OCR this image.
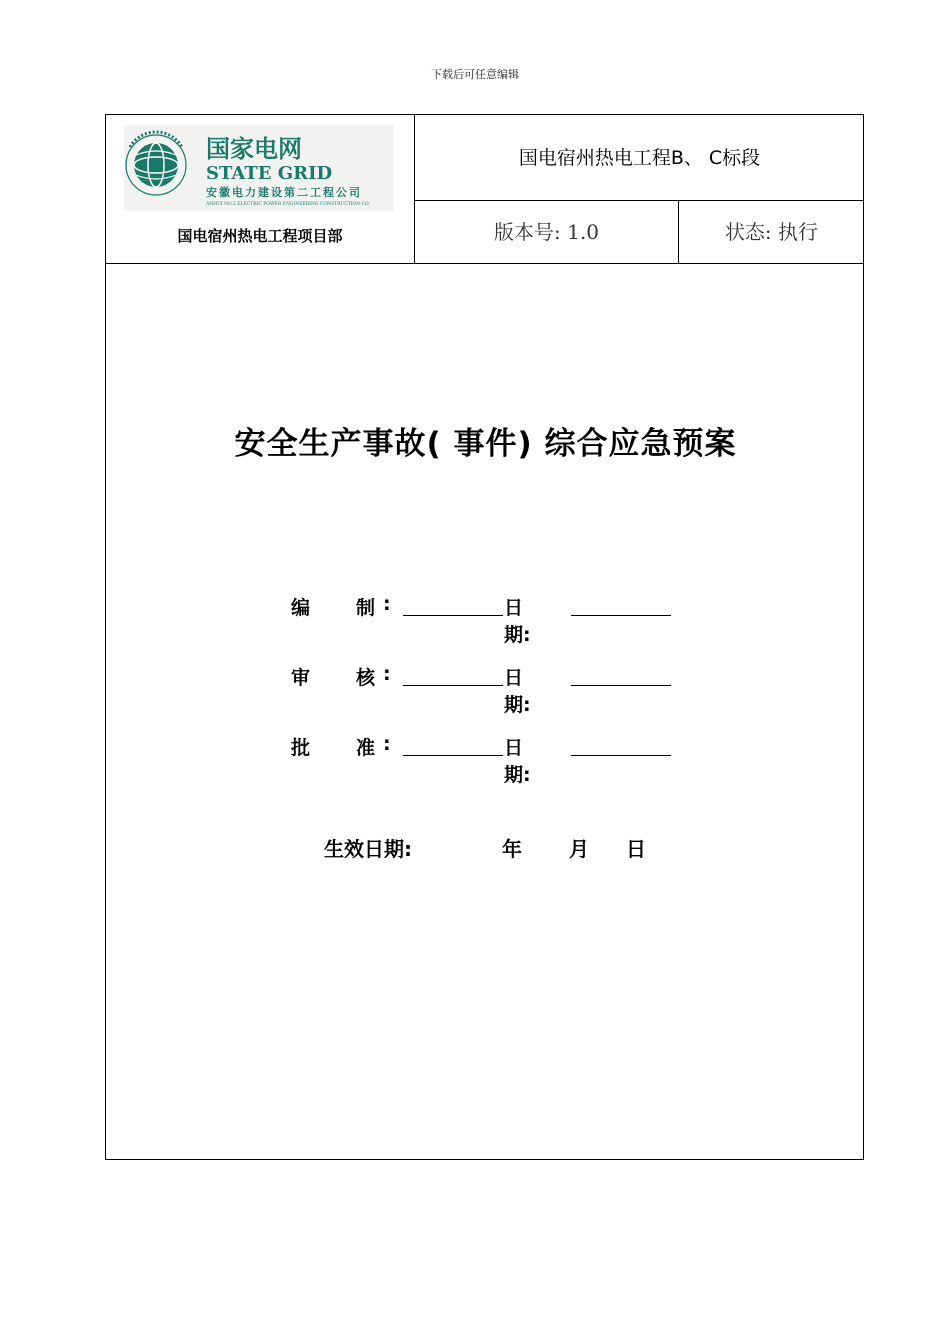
下载后可任意编辑
国家电网
STATE GRID
安徽电力建设第二工程公司
ANHUI NO.2 ELECTRIC POWER ENGINEERING CONSTRUCTION CO.
国电宿州热电工程项目部
国电宿州热电工程B、 C标段
版本号: 1.0	状态: 执行
安全生产事故( 事件) 综合应急预案
编 制 :	日期:
审 核 :	日期:
批 准 :	日期:
生效日期:	年 月 日
